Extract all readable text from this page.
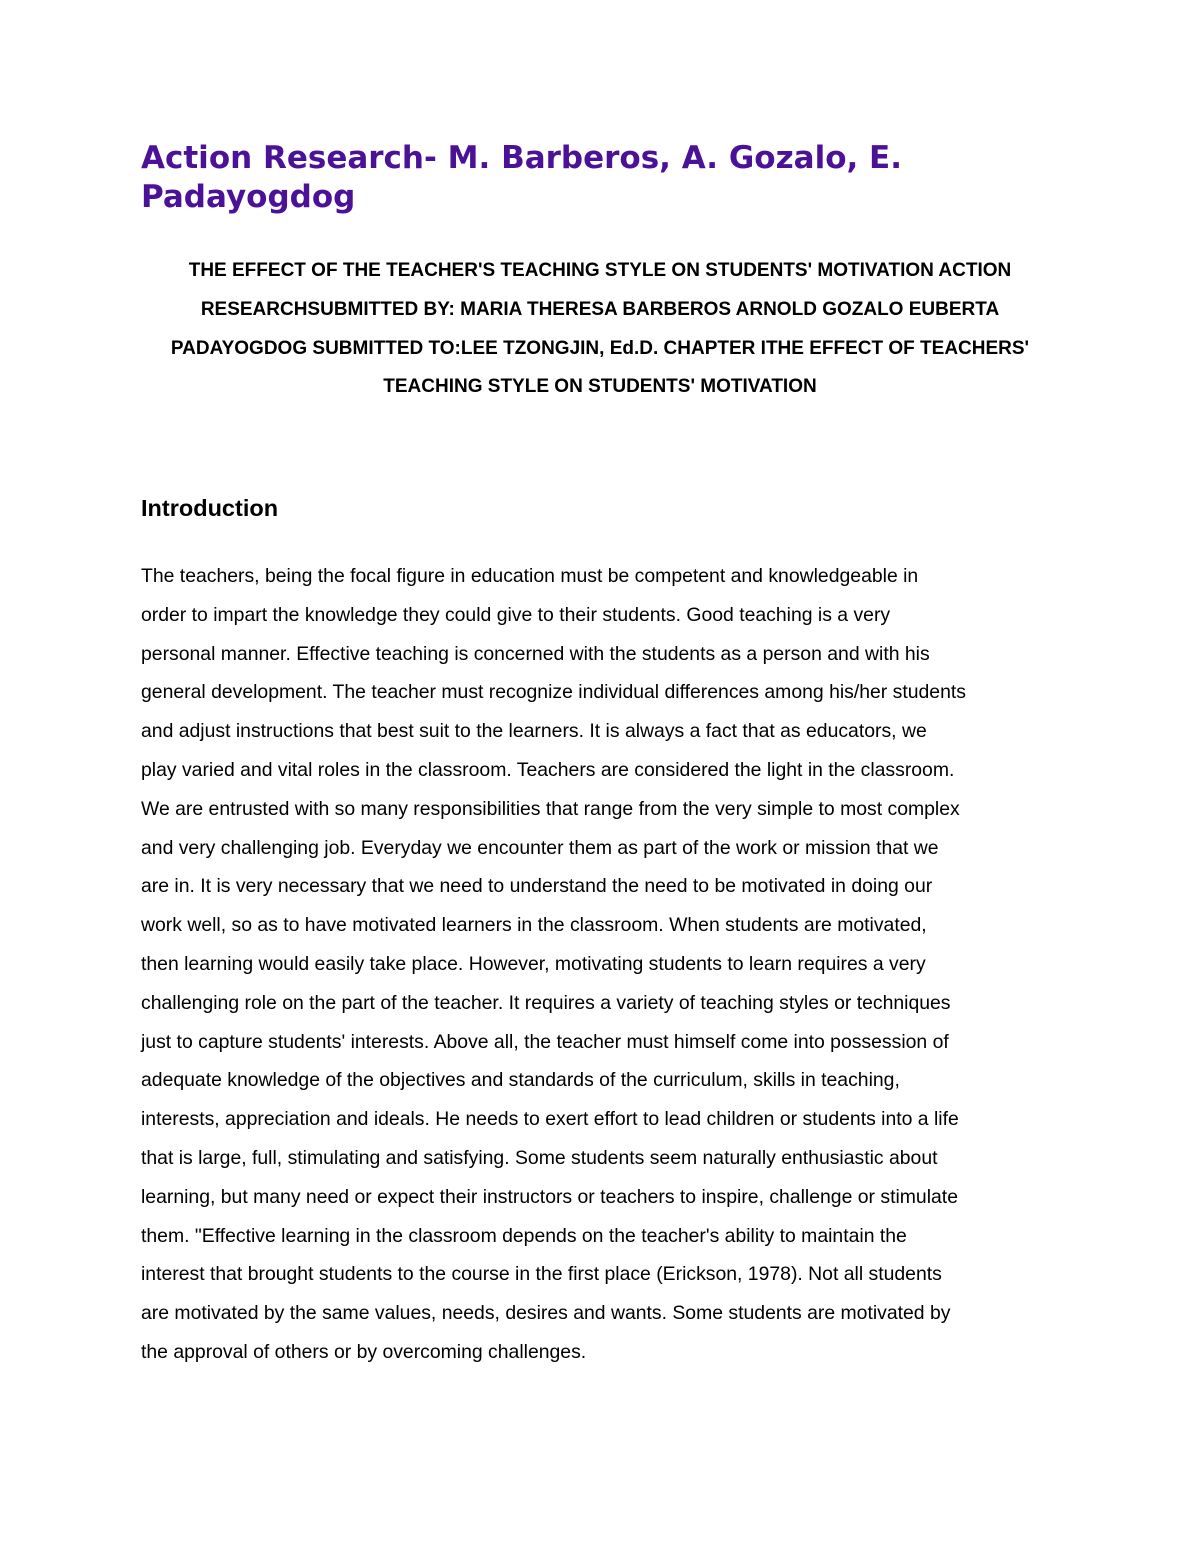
Action Research- M. Barberos, A. Gozalo, E. Padayogdog

THE EFFECT OF THE TEACHER'S TEACHING STYLE ON STUDENTS' MOTIVATION ACTION RESEARCHSUBMITTED BY: MARIA THERESA BARBEROS ARNOLD GOZALO EUBERTA PADAYOGDOG SUBMITTED TO:LEE TZONGJIN, Ed.D. CHAPTER ITHE EFFECT OF TEACHERS' TEACHING STYLE ON STUDENTS' MOTIVATION

Introduction
The teachers, being the focal figure in education must be competent and knowledgeable in
order to impart the knowledge they could give to their students. Good teaching is a very
personal manner. Effective teaching is concerned with the students as a person and with his
general development. The teacher must recognize individual differences among his/her students
and adjust instructions that best suit to the learners. It is always a fact that as educators, we
play varied and vital roles in the classroom. Teachers are considered the light in the classroom.
We are entrusted with so many responsibilities that range from the very simple to most complex
and very challenging job. Everyday we encounter them as part of the work or mission that we
are in. It is very necessary that we need to understand the need to be motivated in doing our
work well, so as to have motivated learners in the classroom. When students are motivated,
then learning would easily take place. However, motivating students to learn requires a very
challenging role on the part of the teacher. It requires a variety of teaching styles or techniques
just to capture students' interests. Above all, the teacher must himself come into possession of
adequate knowledge of the objectives and standards of the curriculum, skills in teaching,
interests, appreciation and ideals. He needs to exert effort to lead children or students into a life
that is large, full, stimulating and satisfying. Some students seem naturally enthusiastic about
learning, but many need or expect their instructors or teachers to inspire, challenge or stimulate
them. "Effective learning in the classroom depends on the teacher's ability to maintain the
interest that brought students to the course in the first place (Erickson, 1978). Not all students
are motivated by the same values, needs, desires and wants. Some students are motivated by
the approval of others or by overcoming challenges.
